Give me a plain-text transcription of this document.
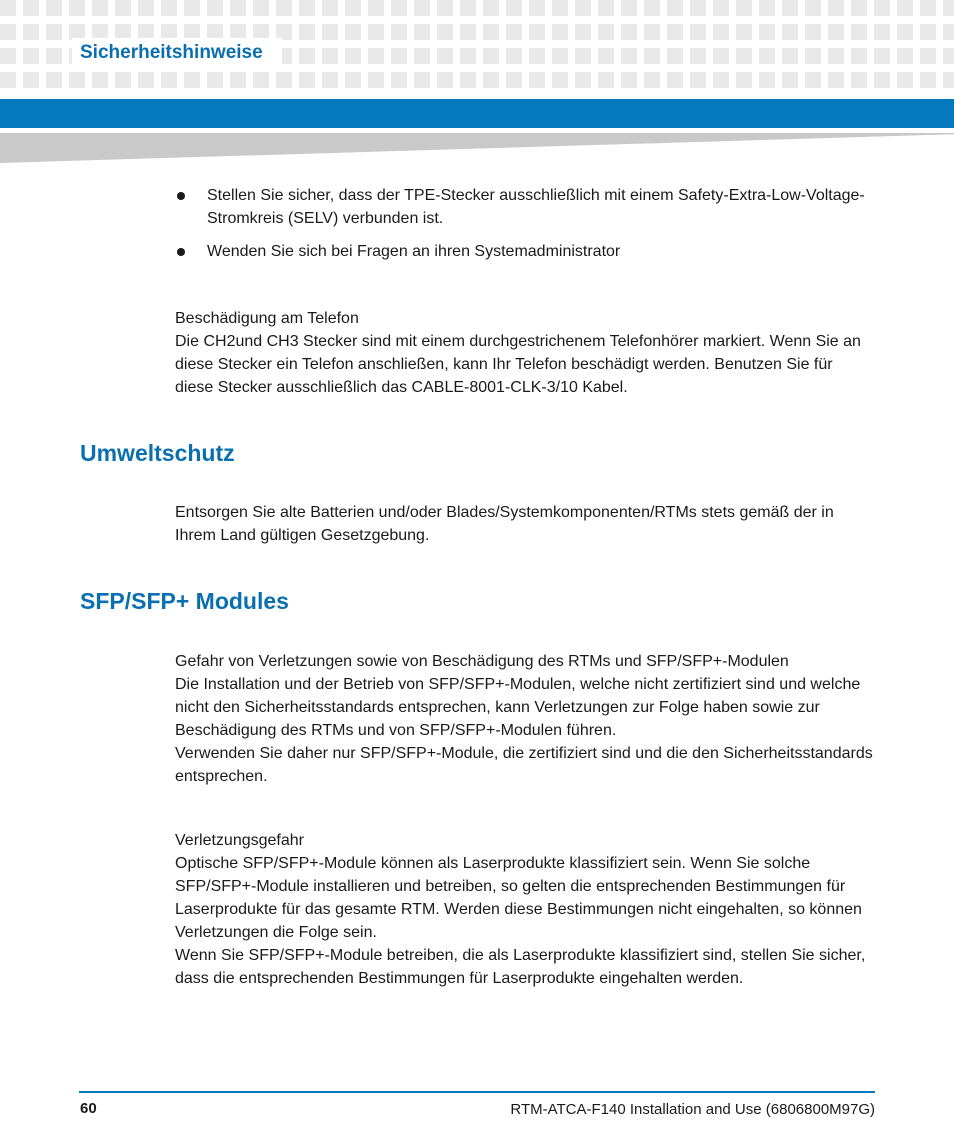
Sicherheitshinweise
Stellen Sie sicher, dass der TPE-Stecker ausschließlich mit einem Safety-Extra-Low-Voltage-Stromkreis (SELV) verbunden ist.
Wenden Sie sich bei Fragen an ihren Systemadministrator

Beschädigung am Telefon

Die CH2und CH3 Stecker sind mit einem durchgestrichenem Telefonhörer markiert. Wenn Sie an diese Stecker ein Telefon anschließen, kann Ihr Telefon beschädigt werden. Benutzen Sie für diese Stecker ausschließlich das CABLE-8001-CLK-3/10 Kabel.

Umweltschutz

Entsorgen Sie alte Batterien und/oder Blades/Systemkomponenten/RTMs stets gemäß der in Ihrem Land gültigen Gesetzgebung.

SFP/SFP+ Modules

Gefahr von Verletzungen sowie von Beschädigung des RTMs und SFP/SFP+-Modulen

Die Installation und der Betrieb von SFP/SFP+-Modulen, welche nicht zertifiziert sind und welche nicht den Sicherheitsstandards entsprechen, kann Verletzungen zur Folge haben sowie zur Beschädigung des RTMs und von SFP/SFP+-Modulen führen.

Verwenden Sie daher nur SFP/SFP+-Module, die zertifiziert sind und die den Sicherheitsstandards entsprechen.

Verletzungsgefahr

Optische SFP/SFP+-Module können als Laserprodukte klassifiziert sein. Wenn Sie solche SFP/SFP+-Module installieren und betreiben, so gelten die entsprechenden Bestimmungen für Laserprodukte für das gesamte RTM. Werden diese Bestimmungen nicht eingehalten, so können Verletzungen die Folge sein.

Wenn Sie SFP/SFP+-Module betreiben, die als Laserprodukte klassifiziert sind, stellen Sie sicher, dass die entsprechenden Bestimmungen für Laserprodukte eingehalten werden.

60	RTM-ATCA-F140 Installation and Use (6806800M97G)
